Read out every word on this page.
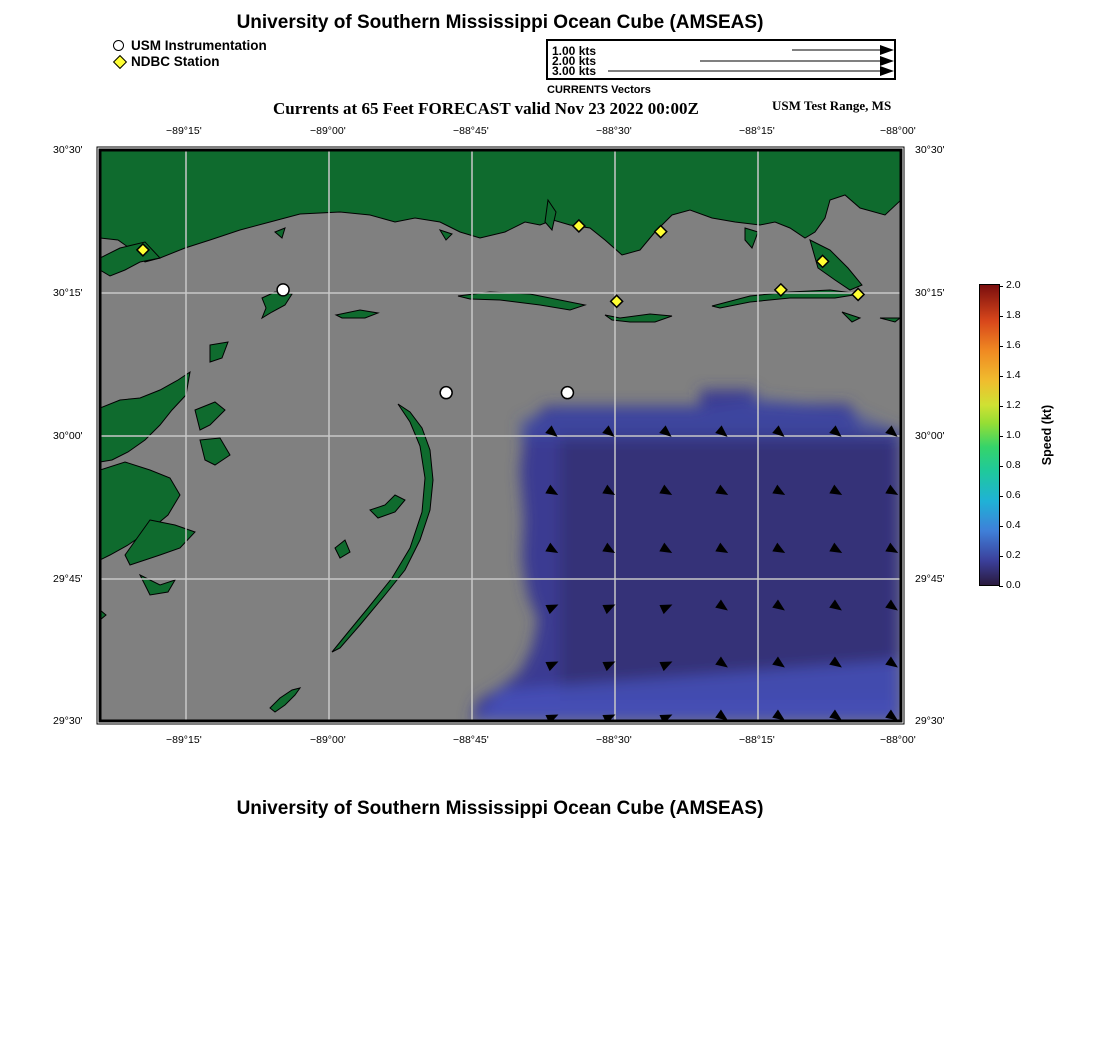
University of Southern Mississippi Ocean Cube (AMSEAS)
USM Instrumentation
NDBC Station
1.00 kts
2.00 kts
3.00 kts
CURRENTS Vectors
Currents at 65 Feet FORECAST valid Nov 23 2022 00:00Z	USM Test Range, MS
−89°15'	−89°00'	−88°45'	−88°30'	−88°15'	−88°00'
−89°15'	−89°00'	−88°45'	−88°30'	−88°15'	−88°00'
30°30'
30°15'
30°00'
29°45'
29°30'
30°30'
30°15'
30°00'
29°45'
29°30'
2.0
1.8
1.6
1.4
1.2
1.0
0.8
0.6
0.4
0.2
0.0
Speed (kt)
University of Southern Mississippi Ocean Cube (AMSEAS)
